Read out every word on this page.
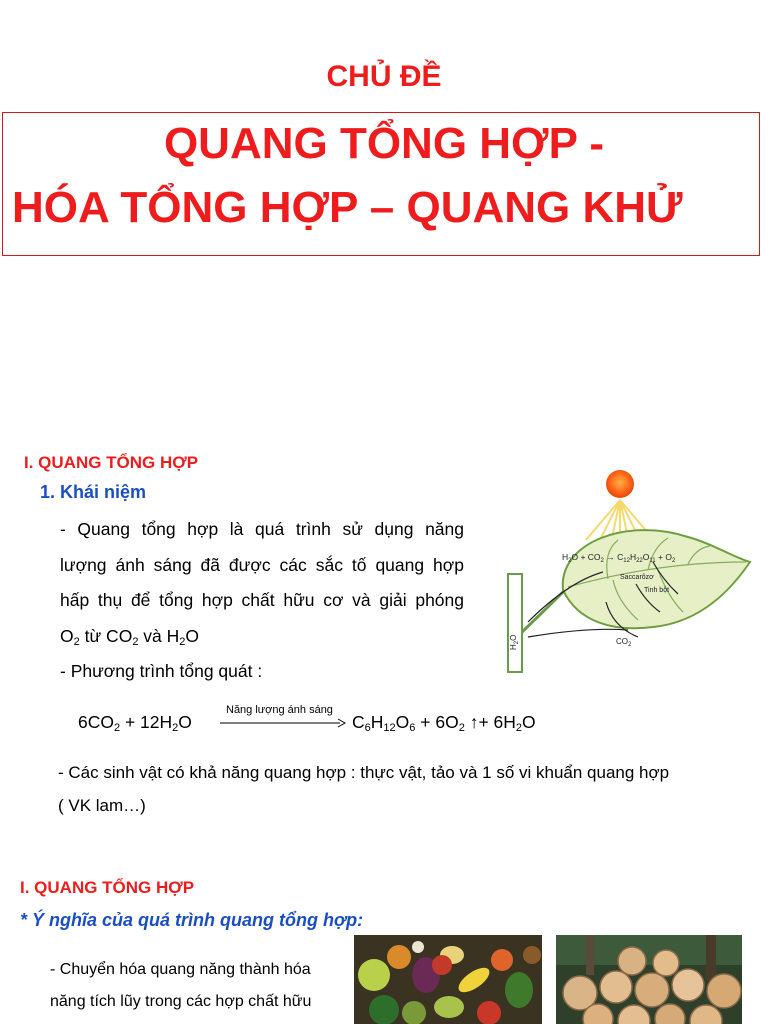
CHỦ ĐỀ
QUANG TỔNG HỢP -
HÓA TỔNG HỢP – QUANG KHỬ
I. QUANG TỔNG HỢP
1. Khái niệm
- Quang tổng hợp là quá trình sử dụng năng
lượng ánh sáng đã được các sắc tố quang hợp
hấp thụ để tổng hợp chất hữu cơ và giải phóng
$O_2$ từ $CO_2$ và $H_2O$
- Phương trình tổng quát :
$H_2O + CO_2 \to C_{12}H_{22}O_{11} + O_2$
Saccarôzơ
Tinh bột
$CO_2$
$H_2O$
Năng lượng ánh sáng
$6CO_2 + 12H_2O$	$C_6H_{12}O_6 + 6O_2$ ↑+ $6H_2O$
- Các sinh vật có khả năng quang hợp : thực vật, tảo và 1 số vi khuẩn quang hợp
( VK lam…)
I. QUANG TỔNG HỢP
* Ý nghĩa của quá trình quang tổng hợp:
- Chuyển hóa quang năng thành hóa
năng tích lũy trong các hợp chất hữu
